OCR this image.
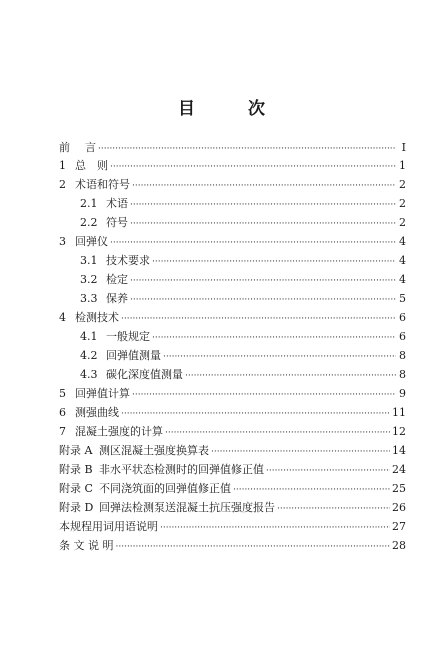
目　次
前	言 ·····	I
1 总　则 ·····	1
2 术语和符号 ·····	2
2.1 术语 ·····	2
2.2 符号 ·····	2
3 回弹仪 ·····	4
3.1 技术要求 ·····	4
3.2 检定 ·····	4
3.3 保养 ·····	5
4 检测技术 ·····	6
4.1 一般规定 ·····	6
4.2 回弹值测量 ·····	8
4.3 碳化深度值测量 ·····	8
5 回弹值计算 ·····	9
6 测强曲线 ·····	11
7 混凝土强度的计算 ·····	12
附录 A 测区混凝土强度换算表 ·····	14
附录 B 非水平状态检测时的回弹值修正值 ·····	24
附录 C 不同浇筑面的回弹值修正值 ·····	25
附录 D 回弹法检测泵送混凝土抗压强度报告 ·····	26
本规程用词用语说明 ·····	27
条 文 说 明 ·····	28
